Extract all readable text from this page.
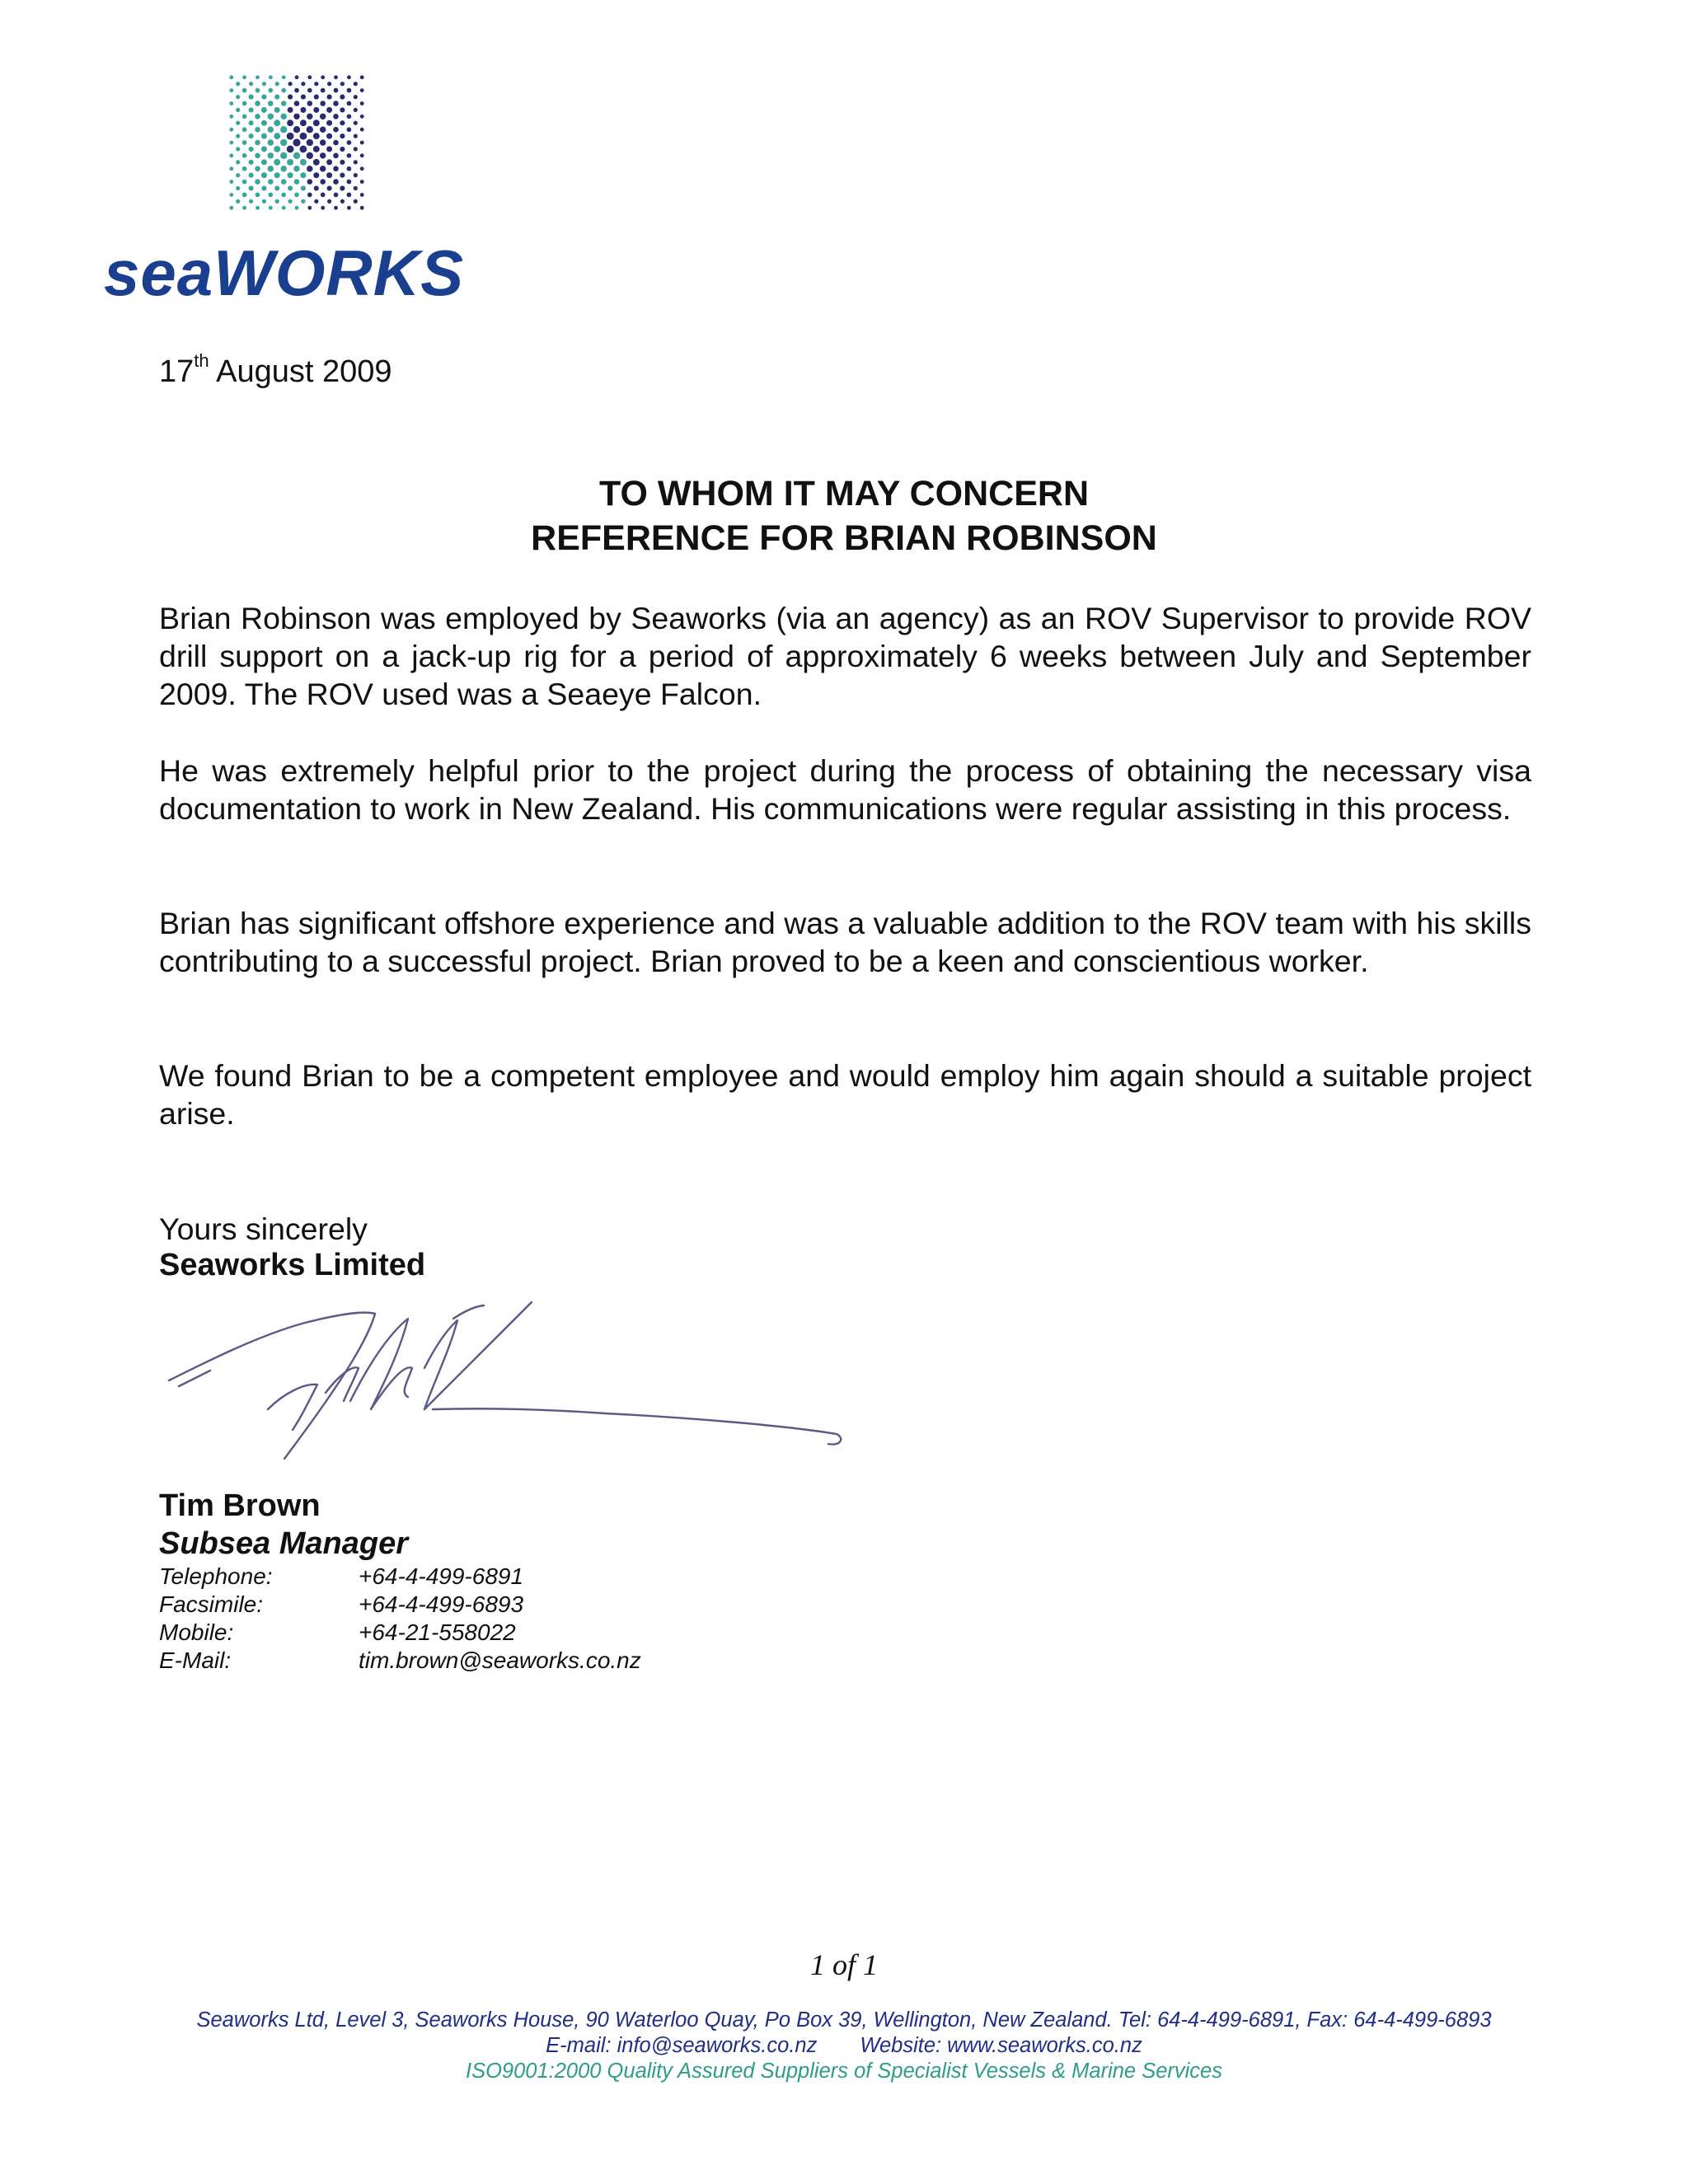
seaWORKS
17th August 2009
TO WHOM IT MAY CONCERN
REFERENCE FOR BRIAN ROBINSON
Brian Robinson was employed by Seaworks (via an agency) as an ROV Supervisor to provide ROV drill support on a jack-up rig for a period of approximately 6 weeks between July and September 2009. The ROV used was a Seaeye Falcon.
He was extremely helpful prior to the project during the process of obtaining the necessary visa documentation to work in New Zealand. His communications were regular assisting in this process.
Brian has significant offshore experience and was a valuable addition to the ROV team with his skills contributing to a successful project. Brian proved to be a keen and conscientious worker.
We found Brian to be a competent employee and would employ him again should a suitable project arise.
Yours sincerely
Seaworks Limited
Tim Brown
Subsea Manager
Telephone:	+64-4-499-6891
Facsimile:	+64-4-499-6893
Mobile:	+64-21-558022
E-Mail:	tim.brown@seaworks.co.nz
1 of 1
Seaworks Ltd, Level 3, Seaworks House, 90 Waterloo Quay, Po Box 39, Wellington, New Zealand. Tel: 64-4-499-6891, Fax: 64-4-499-6893
E-mail: info@seaworks.co.nz Website: www.seaworks.co.nz
ISO9001:2000 Quality Assured Suppliers of Specialist Vessels & Marine Services
